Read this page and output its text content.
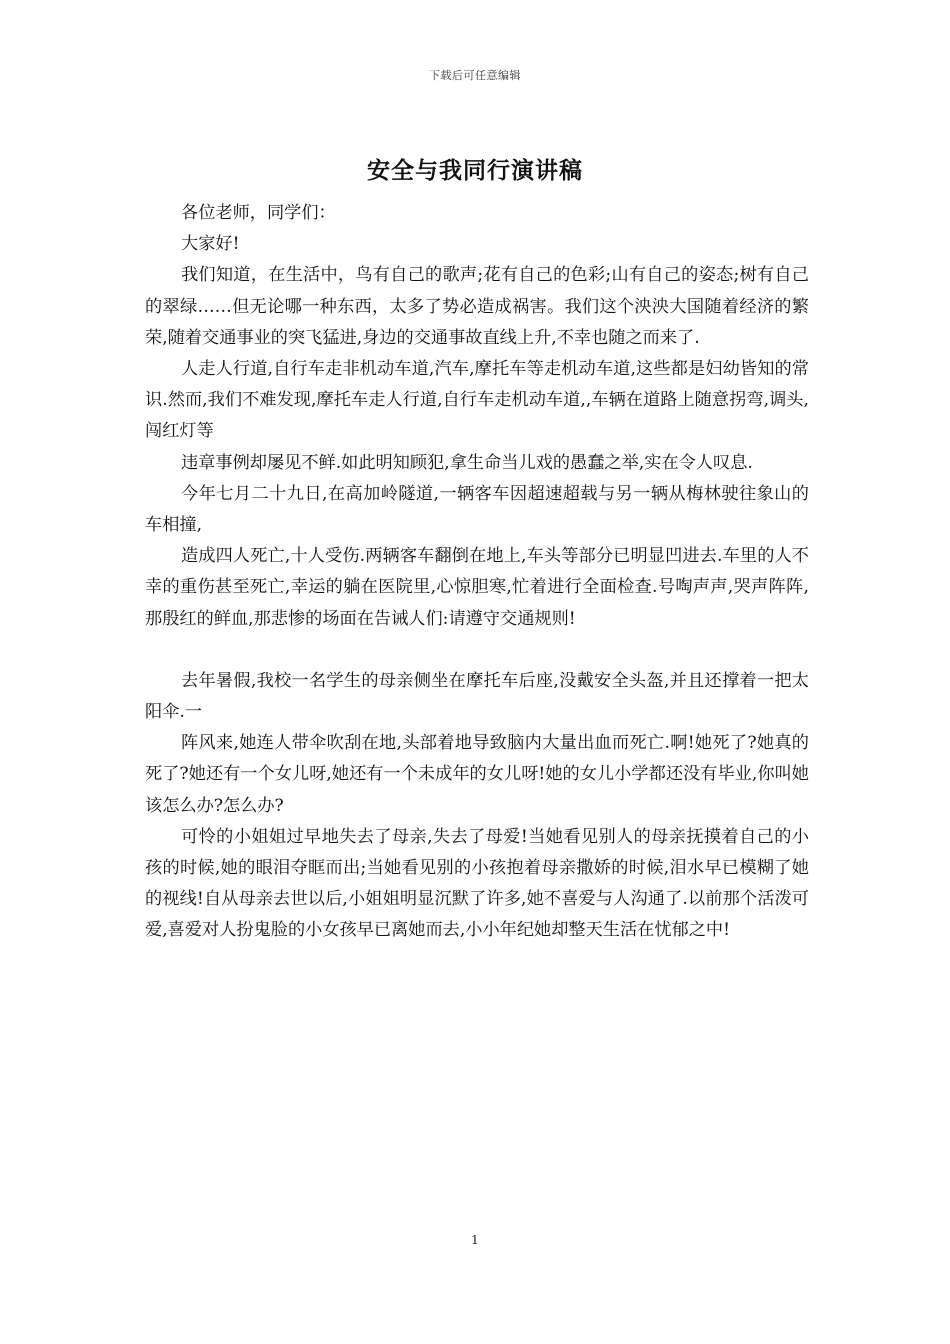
下载后可任意编辑
安全与我同行演讲稿

各位老师，同学们：

大家好!

我们知道，在生活中，鸟有自己的歌声;花有自己的色彩;山有自己的姿态;树有自己的翠绿……但无论哪一种东西，太多了势必造成祸害。我们这个泱泱大国随着经济的繁荣,随着交通事业的突飞猛进,身边的交通事故直线上升,不幸也随之而来了.

人走人行道,自行车走非机动车道,汽车,摩托车等走机动车道,这些都是妇幼皆知的常识.然而,我们不难发现,摩托车走人行道,自行车走机动车道,,车辆在道路上随意拐弯,调头,闯红灯等

违章事例却屡见不鲜.如此明知顾犯,拿生命当儿戏的愚蠢之举,实在令人叹息.

今年七月二十九日,在高加岭隧道,一辆客车因超速超载与另一辆从梅林驶往象山的车相撞,

造成四人死亡,十人受伤.两辆客车翻倒在地上,车头等部分已明显凹进去.车里的人不幸的重伤甚至死亡,幸运的躺在医院里,心惊胆寒,忙着进行全面检查.号啕声声,哭声阵阵,那殷红的鲜血,那悲惨的场面在告诫人们:请遵守交通规则!

去年暑假,我校一名学生的母亲侧坐在摩托车后座,没戴安全头盔,并且还撑着一把太阳伞.一

阵风来,她连人带伞吹刮在地,头部着地导致脑内大量出血而死亡.啊!她死了?她真的死了?她还有一个女儿呀,她还有一个未成年的女儿呀!她的女儿小学都还没有毕业,你叫她该怎么办?怎么办?

可怜的小姐姐过早地失去了母亲,失去了母爱!当她看见别人的母亲抚摸着自己的小孩的时候,她的眼泪夺眶而出;当她看见别的小孩抱着母亲撒娇的时候,泪水早已模糊了她的视线!自从母亲去世以后,小姐姐明显沉默了许多,她不喜爱与人沟通了.以前那个活泼可爱,喜爱对人扮鬼脸的小女孩早已离她而去,小小年纪她却整天生活在忧郁之中!

1
